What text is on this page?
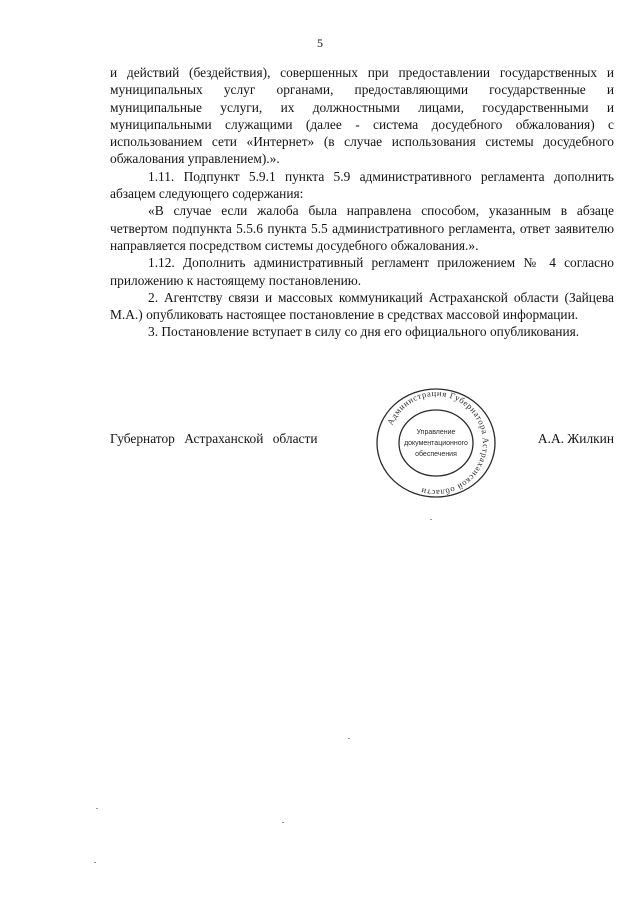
5

и действий (бездействия), совершенных при предоставлении государственных и муниципальных услуг органами, предоставляющими государственные и муниципальные услуги, их должностными лицами, государственными и муниципальными служащими (далее - система досудебного обжалования) с использованием сети «Интернет» (в случае использования системы досудебного обжалования управлением).».

1.11. Подпункт 5.9.1 пункта 5.9 административного регламента дополнить абзацем следующего содержания:

«В случае если жалоба была направлена способом, указанным в абзаце четвертом подпункта 5.5.6 пункта 5.5 административного регламента, ответ заявителю направляется посредством системы досудебного обжалования.».

1.12. Дополнить административный регламент приложением № 4 согласно приложению к настоящему постановлению.

2. Агентству связи и массовых коммуникаций Астраханской области (Зайцева М.А.) опубликовать настоящее постановление в средствах массовой информации.

3. Постановление вступает в силу со дня его официального опубликования.

Губернатор Астраханской области	А.А. Жилкин
Администрация Губернатора Астраханской области
Управление
документационного
обеспечения
